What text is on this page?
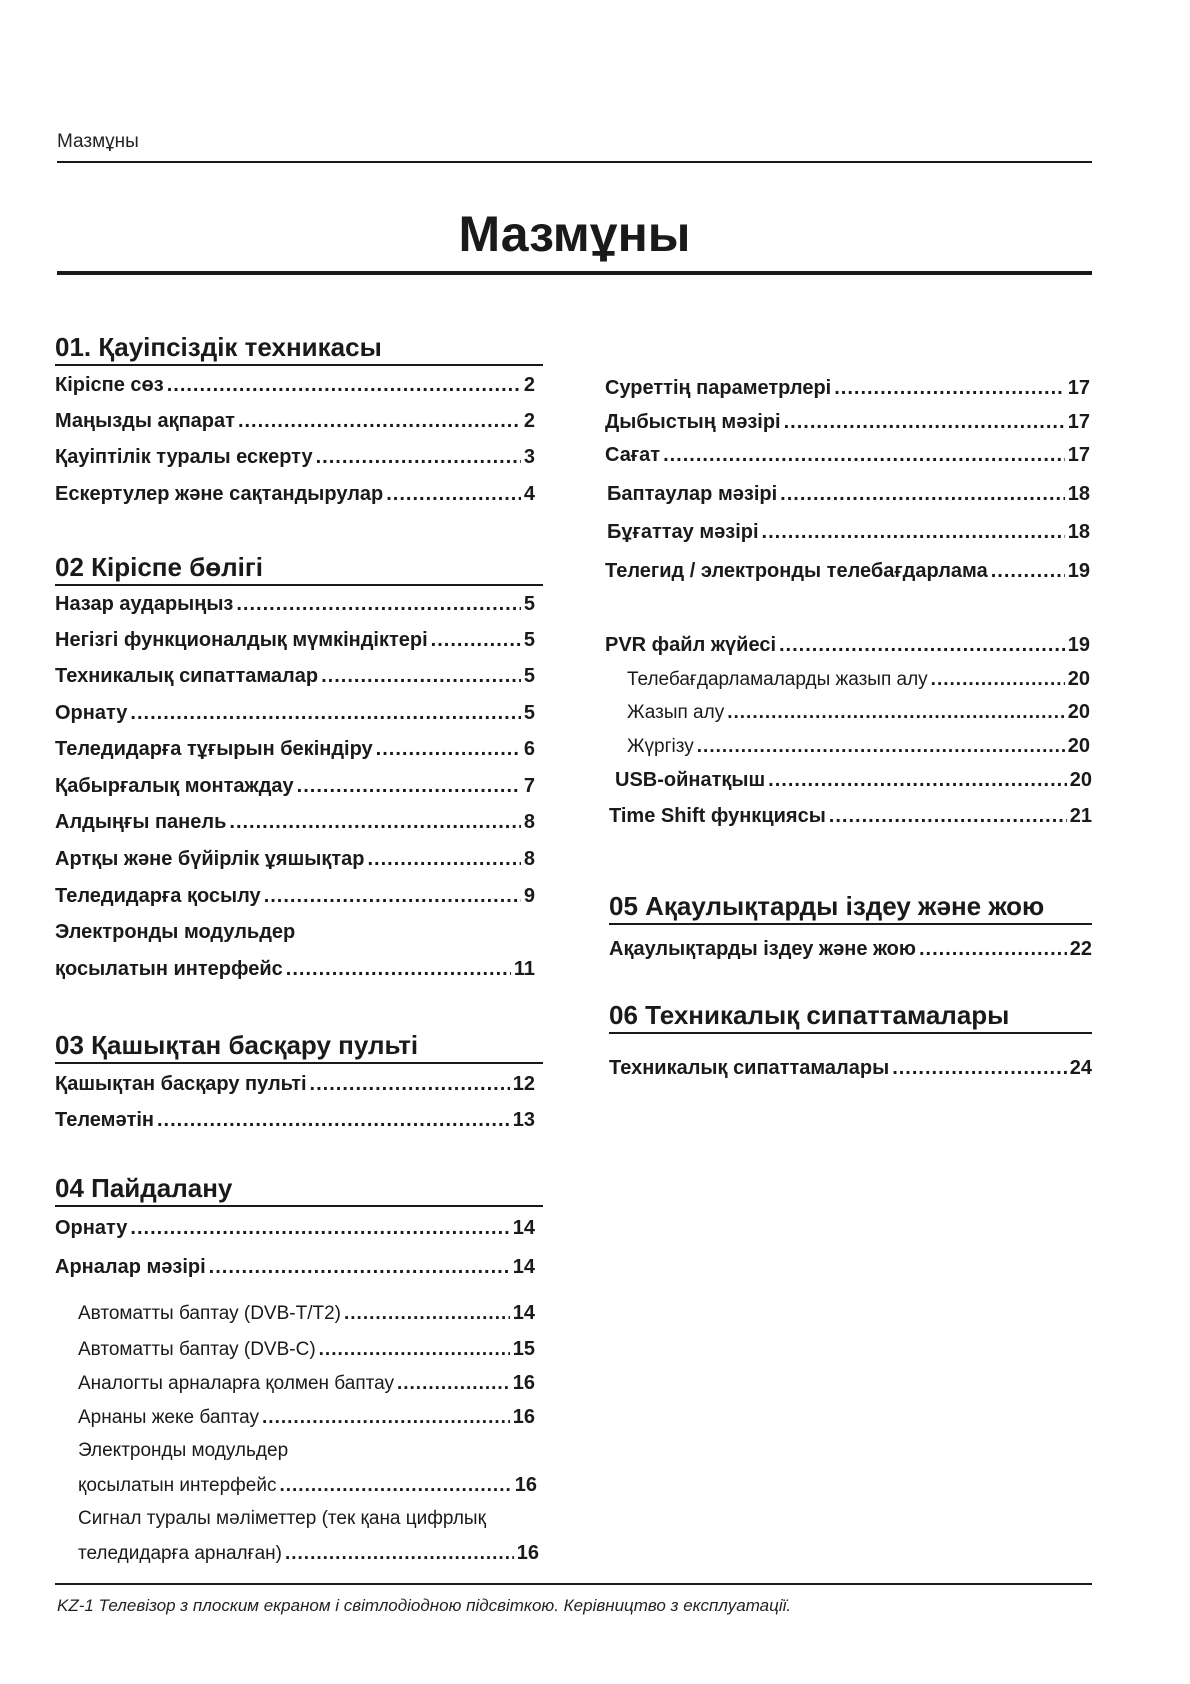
Мазмұны
Мазмұны
01. Қауіпсіздік техникасы
Кіріспе сөз .....	2
Маңызды ақпарат .....	2
Қауіптілік туралы ескерту .....	3
Ескертулер және сақтандырулар .....	4
02 Кіріспе бөлігі
Назар аударыңыз .....	5
Негізгі функционалдық мүмкіндіктері .....	5
Техникалық сипаттамалар .....	5
Орнату .....	5
Теледидарға тұғырын бекіндіру .....	6
Қабырғалық монтаждау .....	7
Алдыңғы панель .....	8
Артқы және бүйірлік ұяшықтар .....	8
Теледидарға қосылу .....	9
Электронды модульдер
қосылатын интерфейс .....	11
03 Қашықтан басқару пульті
Қашықтан басқару пульті .....	12
Телемәтін .....	13
04 Пайдалану
Орнату .....	14
Арналар мәзірі .....	14
Автоматты баптау (DVB-T/T2) .....	14
Автоматты баптау (DVB-C) .....	15
Аналогты арналарға қолмен баптау .....	16
Арнаны жеке баптау .....	16
Электронды модульдер
қосылатын интерфейс .....	16
Сигнал туралы мәліметтер (тек қана цифрлық
теледидарға арналған) .....	16
Суреттің параметрлері .....	17
Дыбыстың мәзірі .....	17
Сағат .....	17
Баптаулар мәзірі .....	18
Бұғаттау мәзірі .....	18
Телегид / электронды телебағдарлама .....	19
PVR файл жүйесі .....	19
Телебағдарламаларды жазып алу .....	20
Жазып алу .....	20
Жүргізу .....	20
USB-ойнатқыш .....	20
Time Shift функциясы .....	21
05 Ақаулықтарды іздеу және жою
Ақаулықтарды іздеу және жою .....	22
06 Техникалық сипаттамалары
Техникалық сипаттамалары .....	24
KZ-1 Телевізор з плоским екраном і світлодіодною підсвіткою. Керівництво з експлуатації.
